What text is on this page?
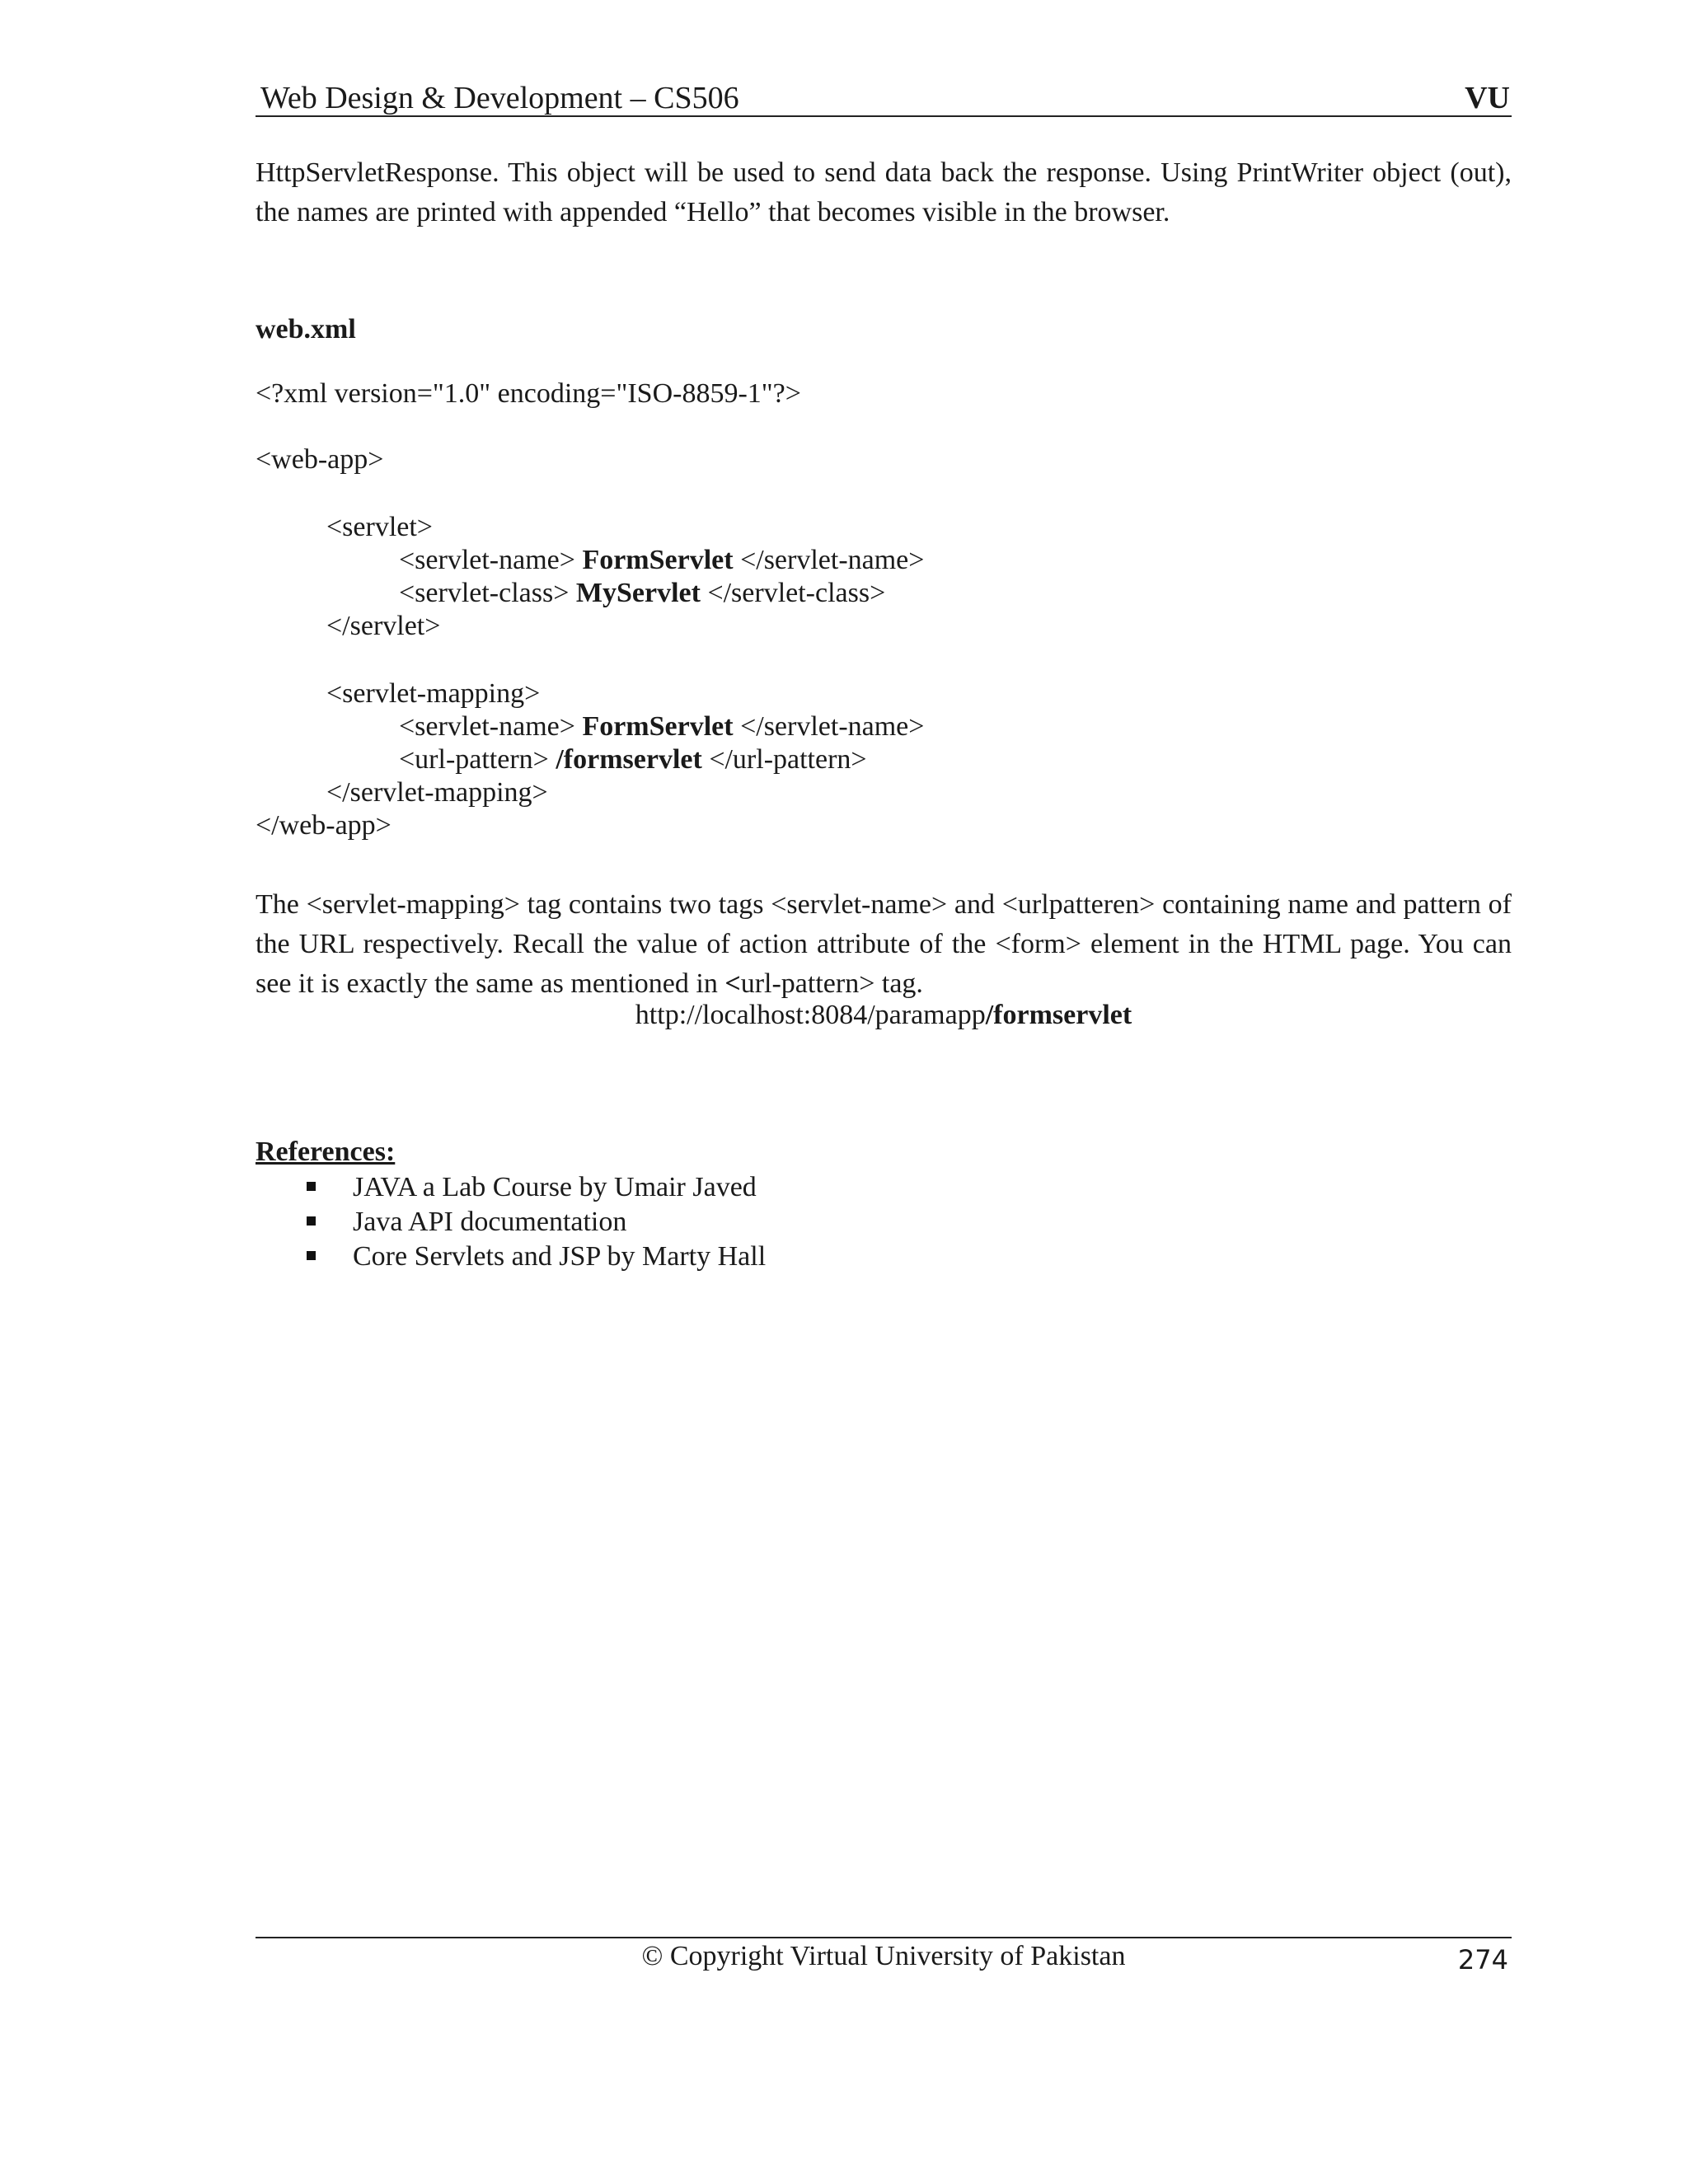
Web Design & Development – CS506	VU
HttpServletResponse. This object will be used to send data back the response. Using PrintWriter object (out), the names are printed with appended “Hello” that becomes visible in the browser.
web.xml
<?xml version="1.0" encoding="ISO-8859-1"?>
<web-app>
<servlet>
<servlet-name> FormServlet </servlet-name>
<servlet-class> MyServlet </servlet-class>
</servlet>
<servlet-mapping>
<servlet-name> FormServlet </servlet-name>
<url-pattern> /formservlet </url-pattern>
</servlet-mapping>
</web-app>
The <servlet-mapping> tag contains two tags <servlet-name> and <urlpatteren> containing name and pattern of the URL respectively. Recall the value of action attribute of the <form> element in the HTML page. You can see it is exactly the same as mentioned in <url-pattern> tag.
http://localhost:8084/paramapp/formservlet
References:
JAVA a Lab Course by Umair Javed
Java API documentation
Core Servlets and JSP by Marty Hall
© Copyright Virtual University of Pakistan	274
